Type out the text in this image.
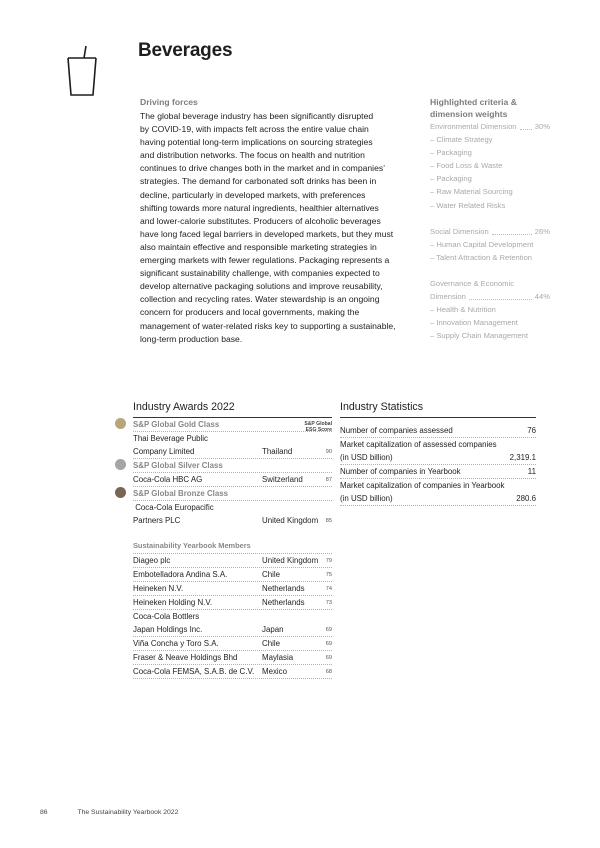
Beverages
Driving forces
The global beverage industry has been significantly disrupted
by COVID-19, with impacts felt across the entire value chain
having potential long-term implications on sourcing strategies
and distribution networks. The focus on health and nutrition
continues to drive changes both in the market and in companies’
strategies. The demand for carbonated soft drinks has been in
decline, particularly in developed markets, with preferences
shifting towards more natural ingredients, healthier alternatives
and lower-calorie substitutes. Producers of alcoholic beverages
have long faced legal barriers in developed markets, but they must
also maintain effective and responsible marketing strategies in
emerging markets with fewer regulations. Packaging represents a
significant sustainability challenge, with companies expected to
develop alternative packaging solutions and improve reusability,
collection and recycling rates. Water stewardship is an ongoing
concern for producers and local governments, making the
management of water-related risks key to supporting a sustainable,
long-term production base.
Highlighted criteria &
dimension weights
Environmental Dimension 30%
– Climate Strategy
– Packaging
– Food Loss & Waste
– Packaging
– Raw Material Sourcing
– Water Related Risks
Social Dimension	26%
– Human Capital Development
– Talent Attraction & Retention
Governance & Economic
Dimension	44%
– Health & Nutrition
– Innovation Management
– Supply Chain Management
Industry Awards 2022
S&P Global Gold Class	S&P Global
ESG Score
Thai Beverage Public
Company Limited	Thailand	90
S&P Global Silver Class
Coca-Cola HBC AG	Switzerland	87
S&P Global Bronze Class
Coca-Cola Europacific
Partners PLC	United Kingdom	85
Sustainability Yearbook Members
Diageo plc	United Kingdom	79
Embotelladora Andina S.A.	Chile	75
Heineken N.V.	Netherlands	74
Heineken Holding N.V.	Netherlands	73
Coca-Cola Bottlers
Japan Holdings Inc.	Japan	69
Viña Concha y Toro S.A.	Chile	69
Fraser & Neave Holdings Bhd	Maylasia	69
Coca-Cola FEMSA, S.A.B. de C.V. Mexico	68
Industry Statistics
Number of companies assessed	76
Market capitalization of assessed companies
(in USD billion)	2,319.1
Number of companies in Yearbook	11
Market capitalization of companies in Yearbook
(in USD billion)	280.6
86	The Sustainability Yearbook 2022
